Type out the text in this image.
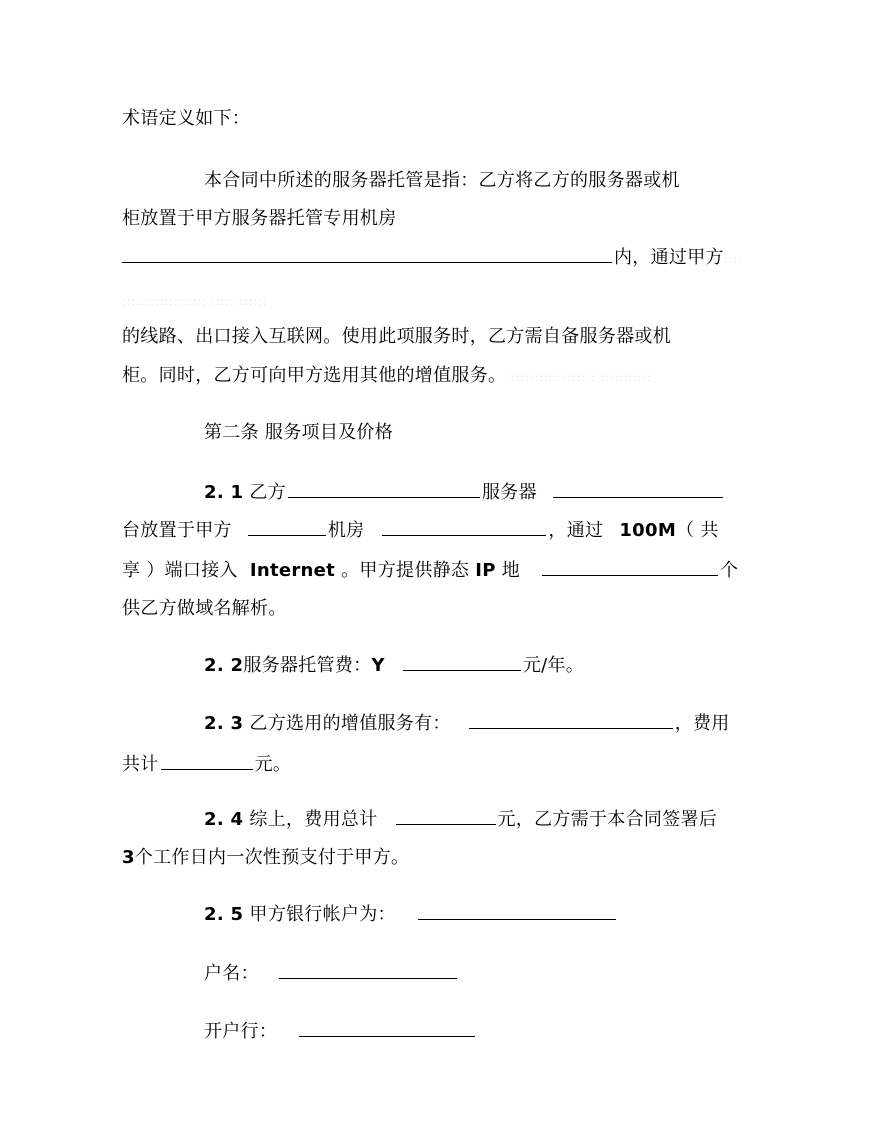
术语定义如下：
本合同中所述的服务器托管是指：乙方将乙方的服务器或机
柜放置于甲方服务器托管专用机房
内，通过甲方::::
:::::::::::::::::: ::::: ::::::
的线路、出口接入互联网。使用此项服务时，乙方需自备服务器或机
柜。同时，乙方可向甲方选用其他的增值服务。::::::::::::::::::: :::::::::::
第二条 服务项目及价格
2. 1 乙方	服务器
台放置于甲方	机房	，通过 100M（ 共
享 ）端口接入 Internet 。甲方提供静态 IP 地	个
供乙方做域名解析。
2. 2服务器托管费：Y	元/年。
2. 3 乙方选用的增值服务有：	，费用
共计	元。
2. 4 综上，费用总计	元，乙方需于本合同签署后
3个工作日内一次性预支付于甲方。
2. 5 甲方银行帐户为：
户名：
开户行：
